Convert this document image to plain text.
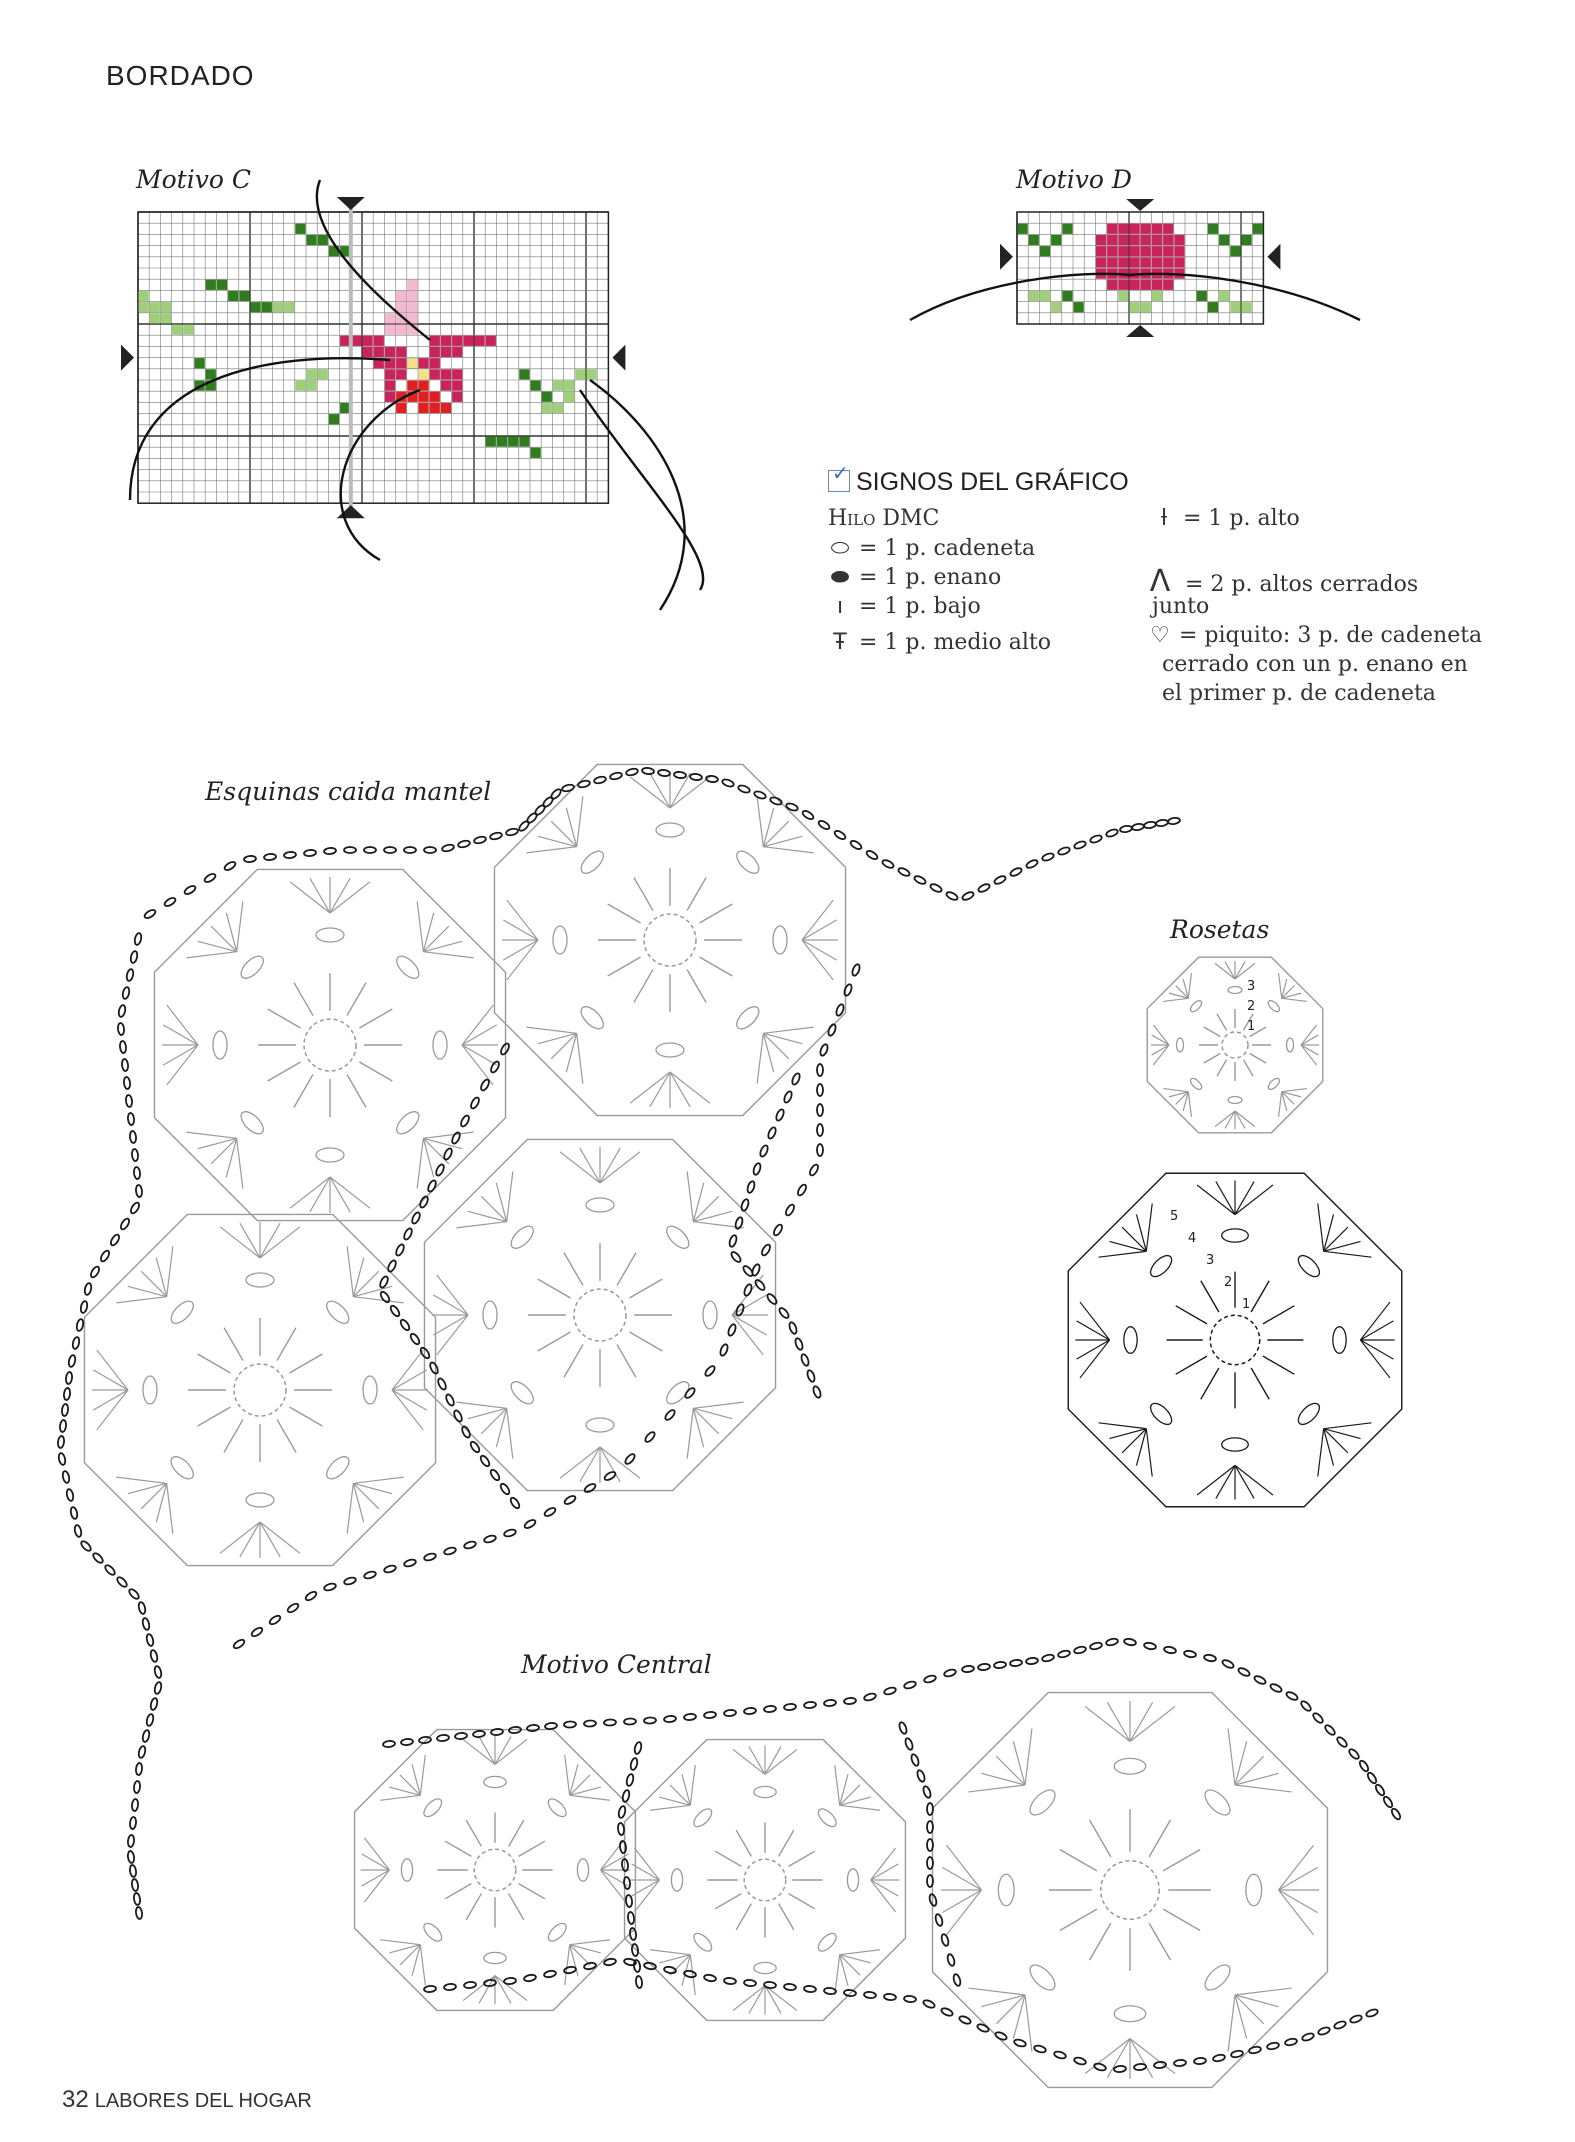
BORDADO
3
2
1
5
4
3
2
1
Motivo C	Motivo D
✓ SIGNOS DEL GRÁFICO
Hilo DMC
⬭ = 1 p. cadeneta
⬬ = 1 p. enano
ı = 1 p. bajo
Ŧ = 1 p. medio alto
ƚ = 1 p. alto
Ʌ = 2 p. altos cerrados
junto
♡ = piquito: 3 p. de cadeneta
cerrado con un p. enano en
el primer p. de cadeneta
Esquinas caida mantel
Rosetas
Motivo Central
32 LABORES DEL HOGAR
